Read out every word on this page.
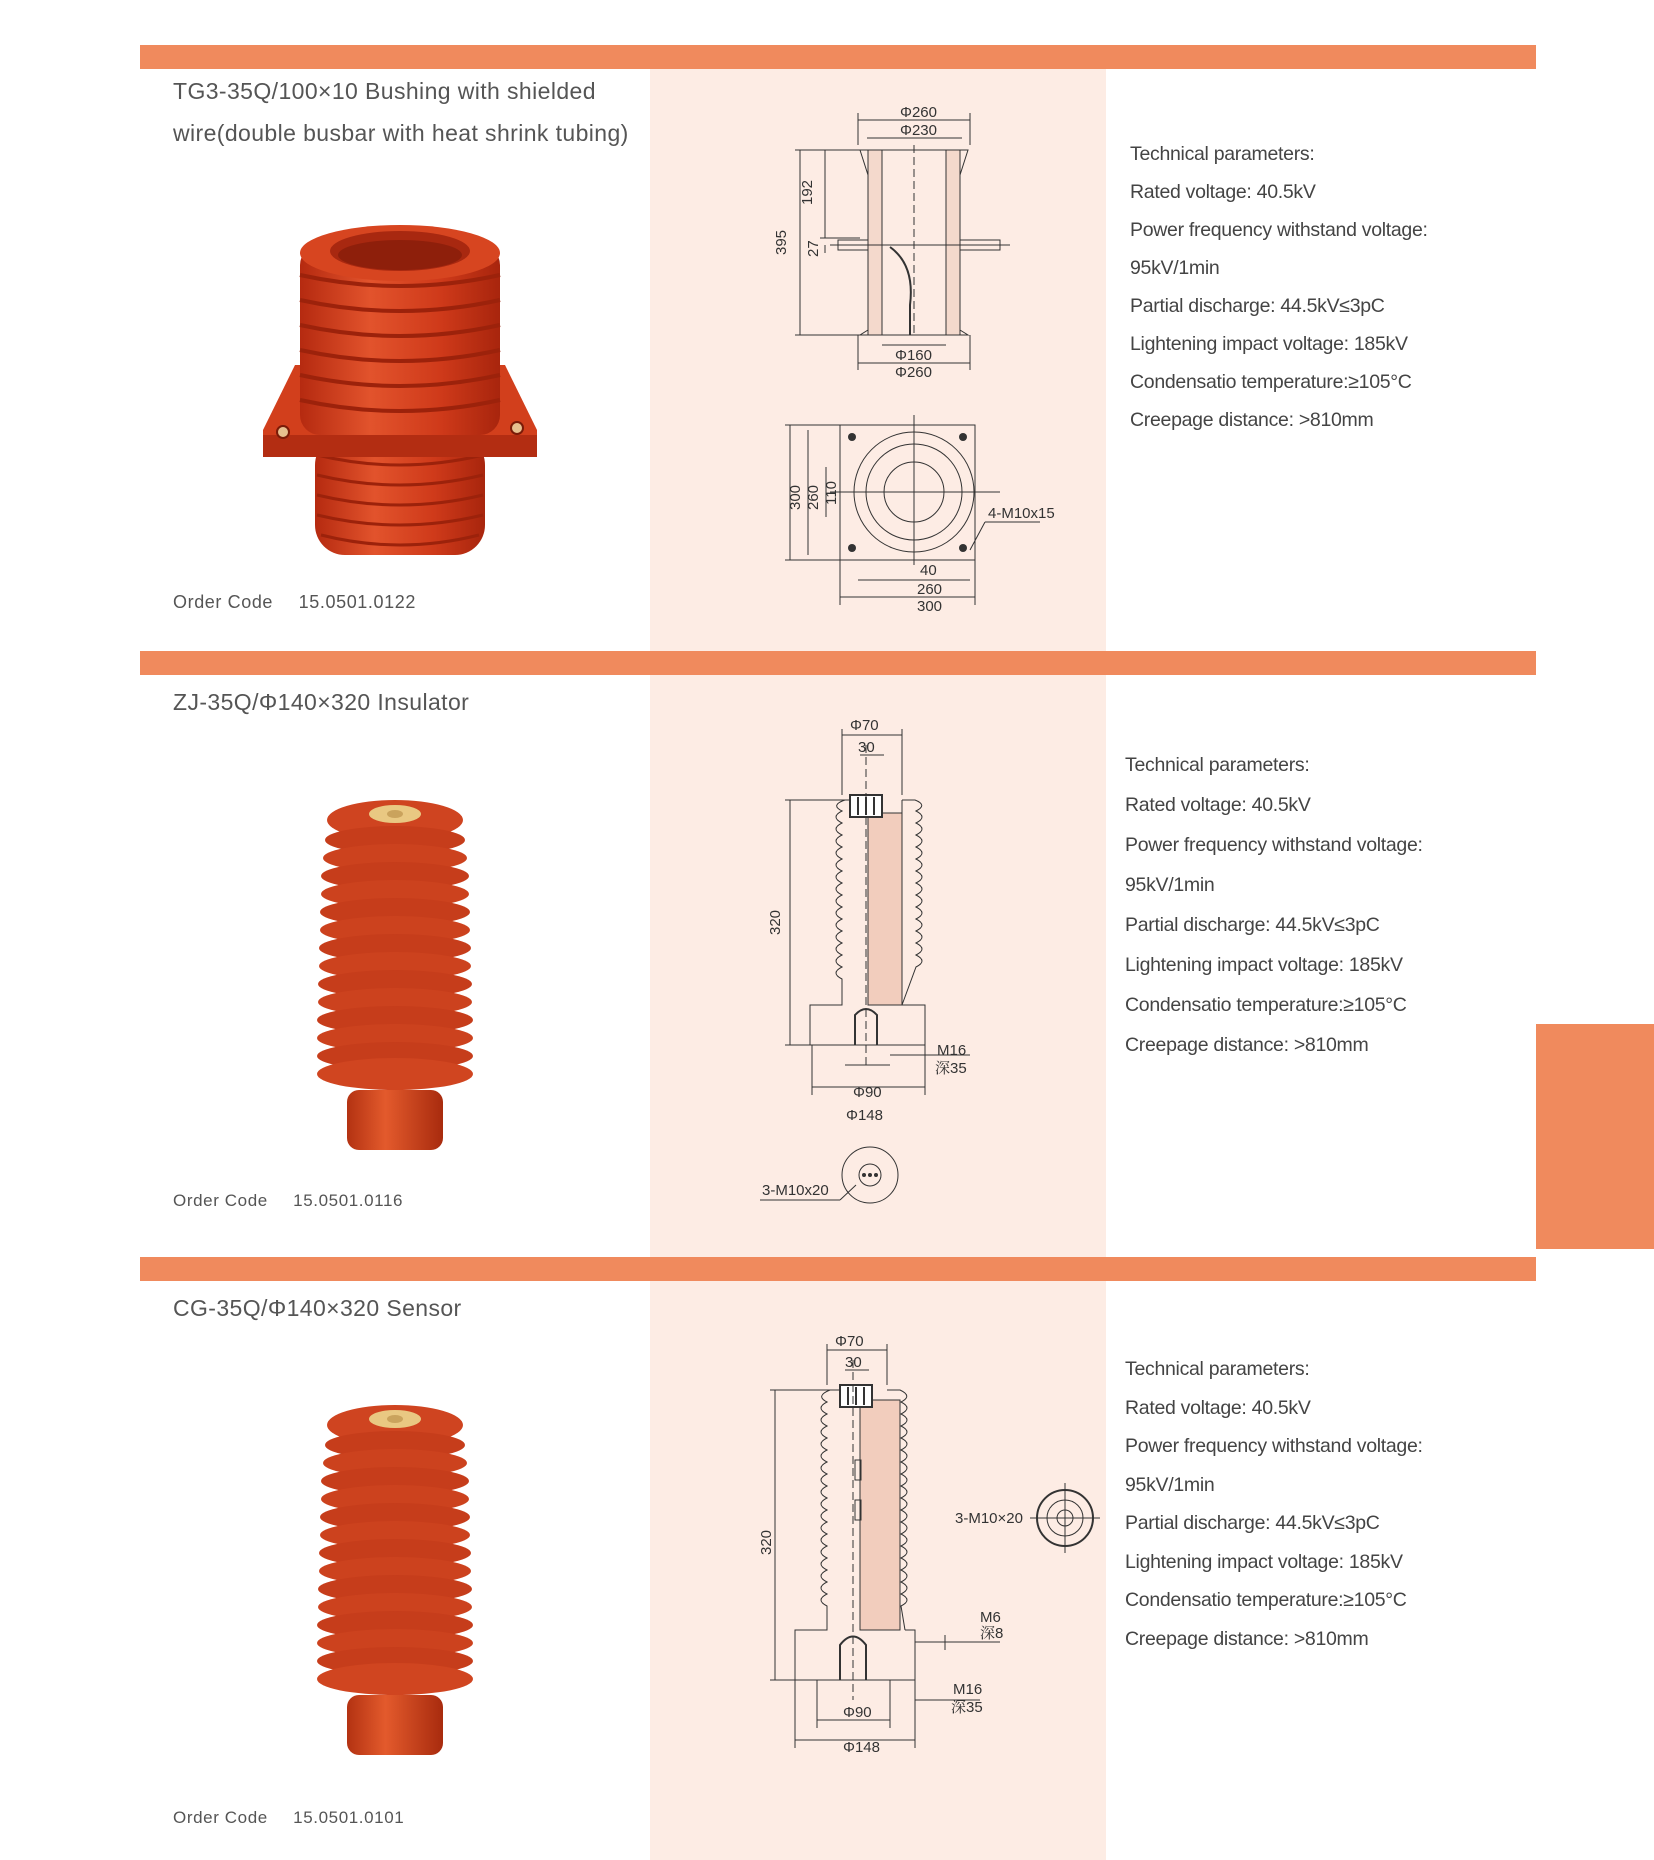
TG3-35Q/100×10 Bushing with shielded
wire(double busbar with heat shrink tubing)
Order Code 15.0501.0122
Φ260
Φ230
192
395 27
Φ160
Φ260
300 260 110
4-M10x15
40
260
300
Technical parameters:
Rated voltage: 40.5kV
Power frequency withstand voltage:
95kV/1min
Partial discharge: 44.5kV≤3pC
Lightening impact voltage: 185kV
Condensatio temperature:≥105°C
Creepage distance: >810mm
ZJ-35Q/Φ140×320 Insulator
Order Code 15.0501.0116
Φ70
30
320
M16
深35
Φ90
Φ148
3-M10x20
Technical parameters:
Rated voltage: 40.5kV
Power frequency withstand voltage:
95kV/1min
Partial discharge: 44.5kV≤3pC
Lightening impact voltage: 185kV
Condensatio temperature:≥105°C
Creepage distance: >810mm
CG-35Q/Φ140×320 Sensor
Order Code 15.0501.0101
Φ70
30
320
3-M10×20
M6
深8
M16
深35
Φ90
Φ148
Technical parameters:
Rated voltage: 40.5kV
Power frequency withstand voltage:
95kV/1min
Partial discharge: 44.5kV≤3pC
Lightening impact voltage: 185kV
Condensatio temperature:≥105°C
Creepage distance: >810mm
